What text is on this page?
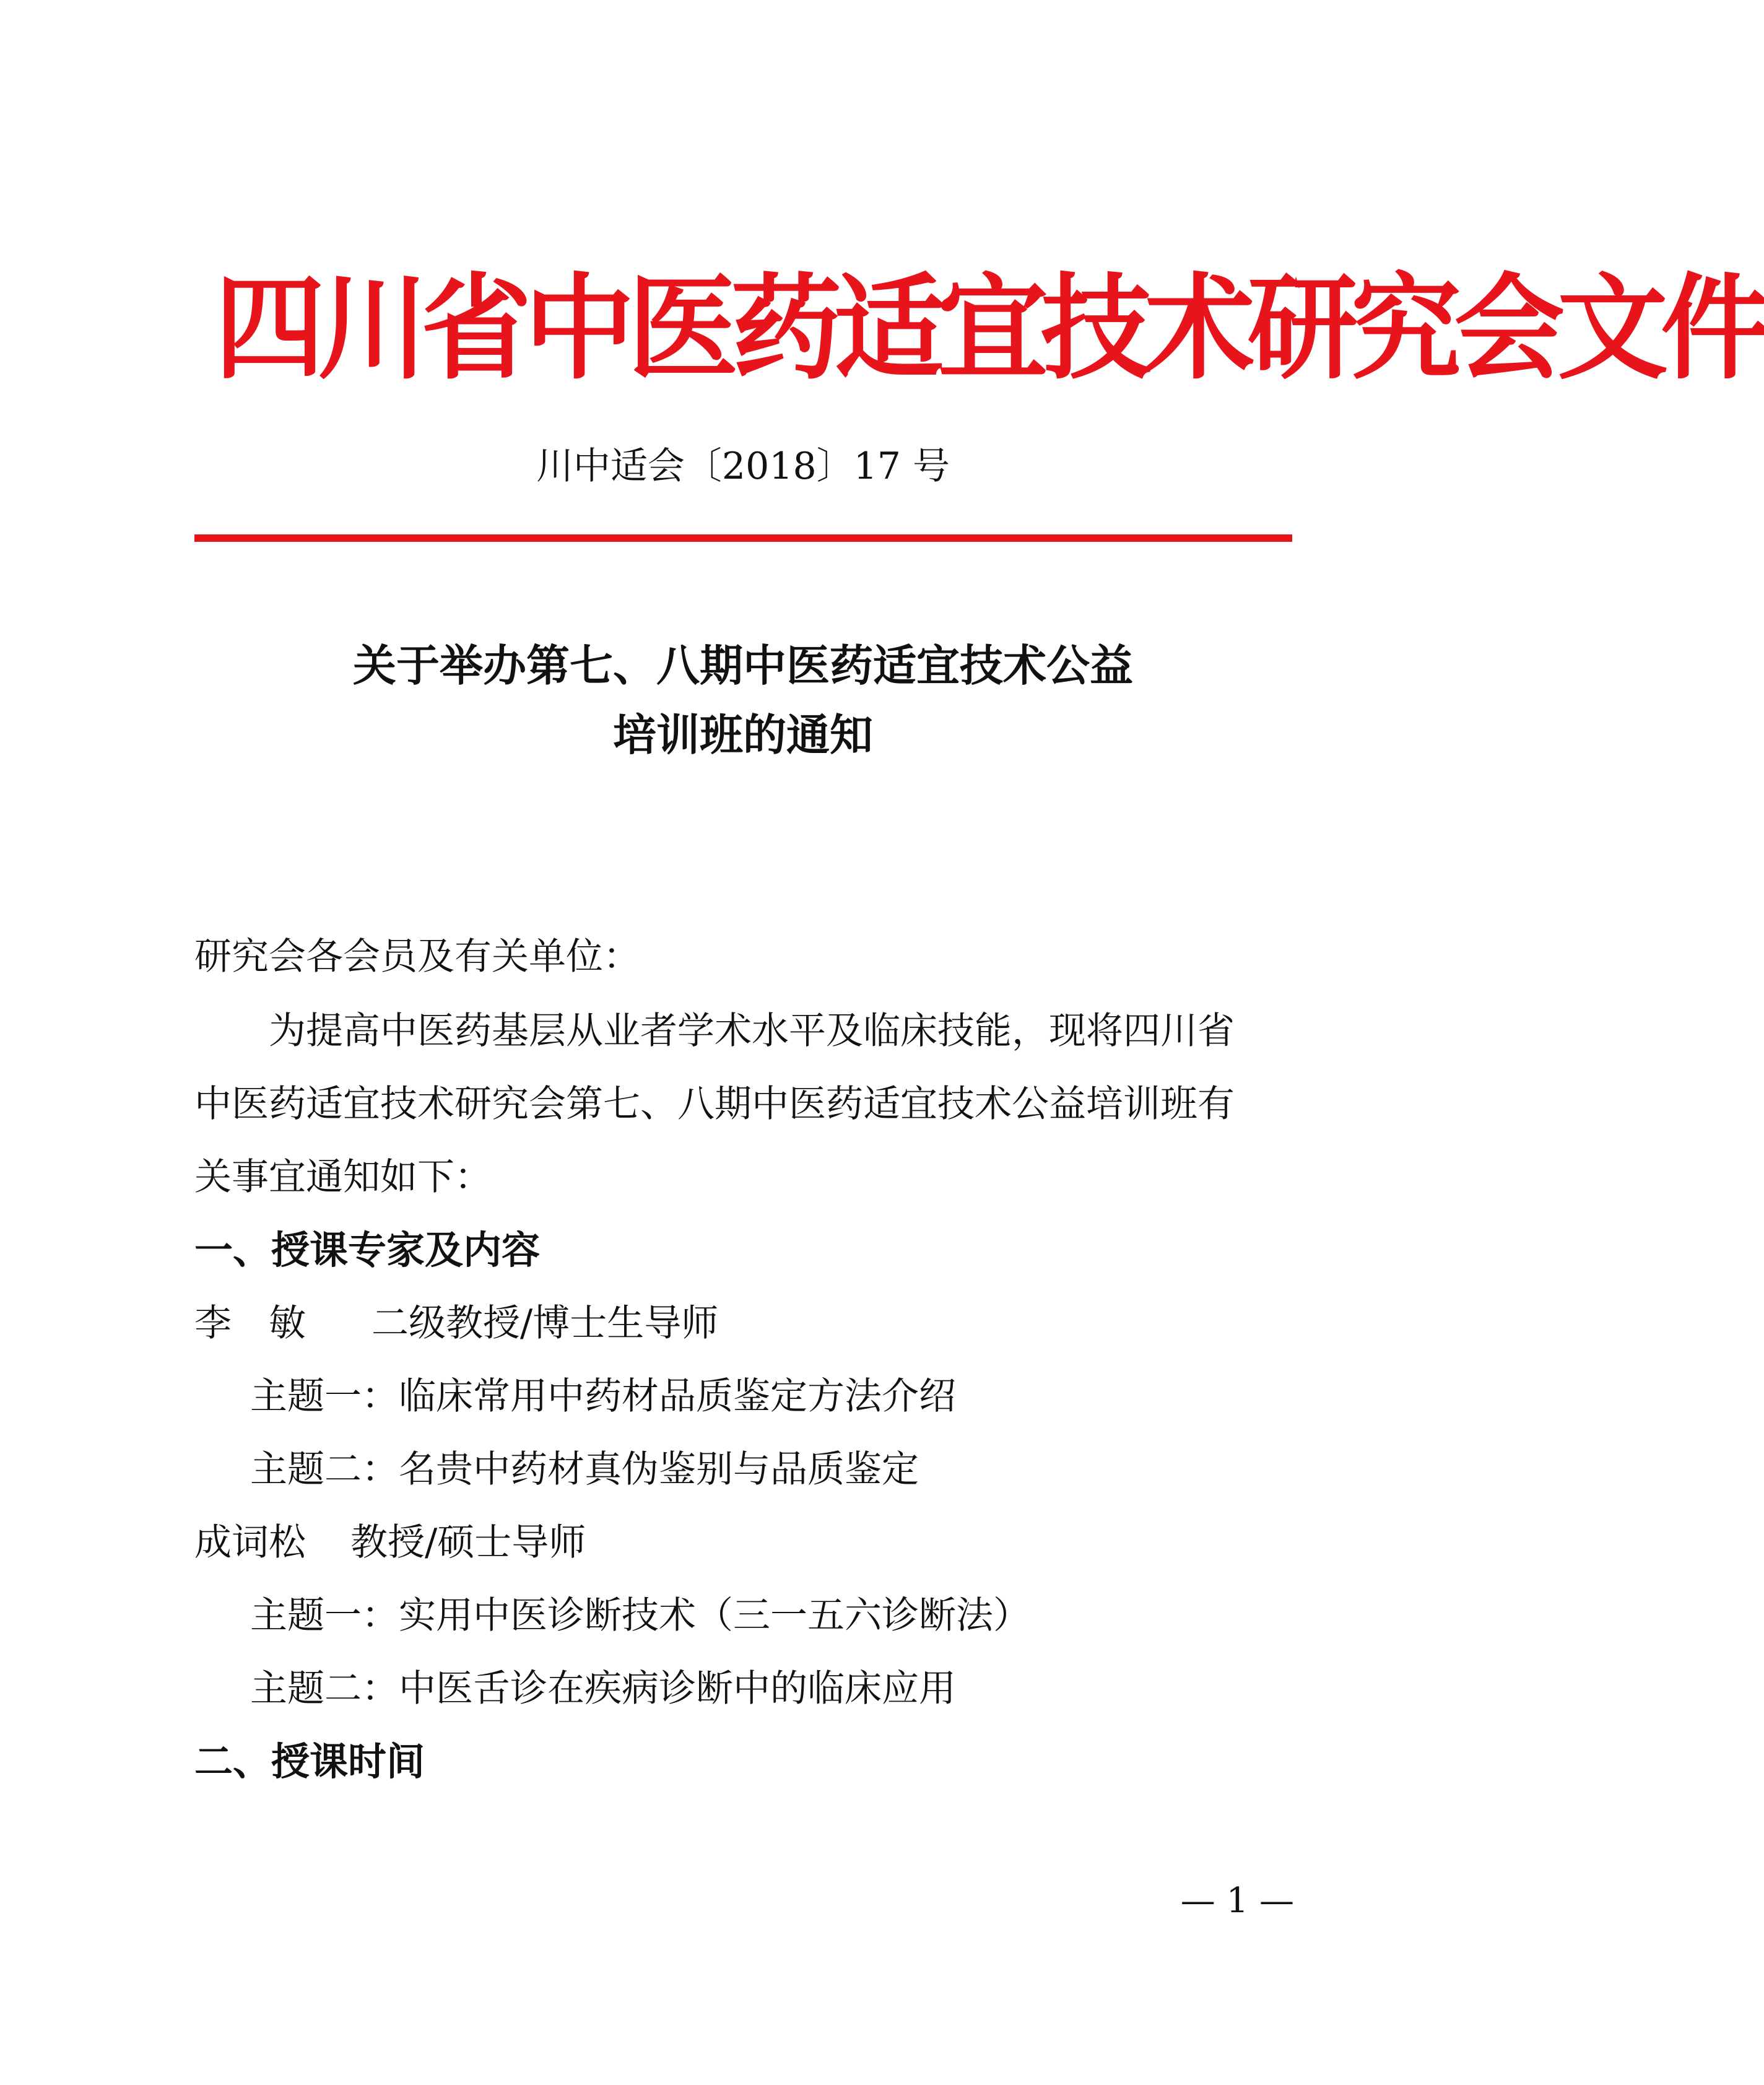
四川省中医药适宜技术研究会文件
川中适会〔2018〕17 号
关于举办第七、八期中医药适宜技术公益
培训班的通知
研究会各会员及有关单位：
为提高中医药基层从业者学术水平及临床技能，现将四川省
中医药适宜技术研究会第七、八期中医药适宜技术公益培训班有
关事宜通知如下：
一、授课专家及内容
李　敏 二级教授/博士生导师
主题一：临床常用中药材品质鉴定方法介绍
主题二：名贵中药材真伪鉴别与品质鉴定
成词松 教授/硕士导师
主题一：实用中医诊断技术（三一五六诊断法）
主题二：中医舌诊在疾病诊断中的临床应用
二、授课时间
— 1 —
